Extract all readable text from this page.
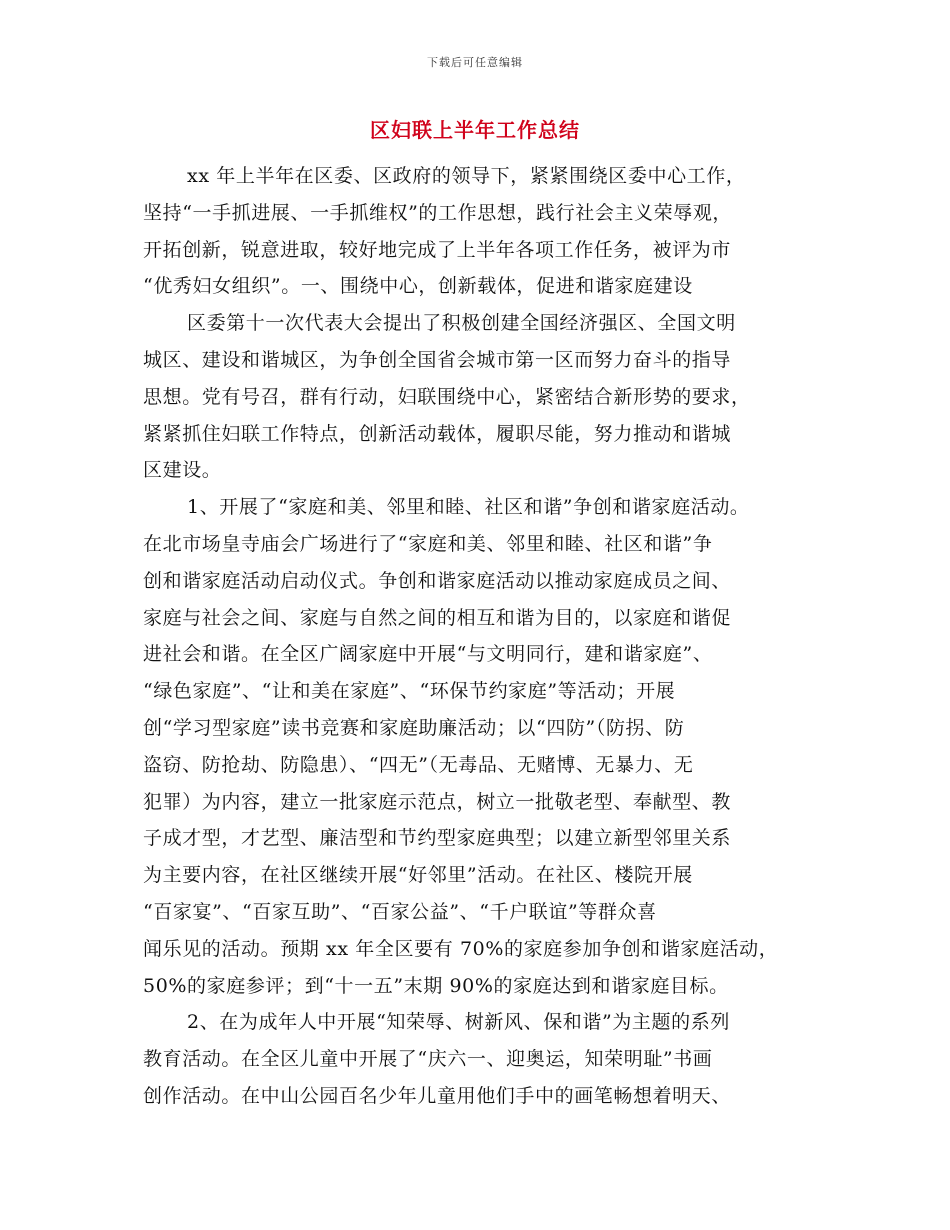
下载后可任意编辑
区妇联上半年工作总结
xx 年上半年在区委、区政府的领导下，紧紧围绕区委中心工作，
坚持“一手抓进展、一手抓维权”的工作思想，践行社会主义荣辱观，
开拓创新，锐意进取，较好地完成了上半年各项工作任务，被评为市
“优秀妇女组织”。一、围绕中心，创新载体，促进和谐家庭建设
区委第十一次代表大会提出了积极创建全国经济强区、全国文明
城区、建设和谐城区，为争创全国省会城市第一区而努力奋斗的指导
思想。党有号召，群有行动，妇联围绕中心，紧密结合新形势的要求，
紧紧抓住妇联工作特点，创新活动载体，履职尽能，努力推动和谐城
区建设。
1、开展了“家庭和美、邻里和睦、社区和谐”争创和谐家庭活动。
在北市场皇寺庙会广场进行了“家庭和美、邻里和睦、社区和谐”争
创和谐家庭活动启动仪式。争创和谐家庭活动以推动家庭成员之间、
家庭与社会之间、家庭与自然之间的相互和谐为目的，以家庭和谐促
进社会和谐。在全区广阔家庭中开展“与文明同行，建和谐家庭”、
“绿色家庭”、“让和美在家庭”、“环保节约家庭”等活动；开展
创“学习型家庭”读书竞赛和家庭助廉活动；以“四防”（防拐、防
盗窃、防抢劫、防隐患）、“四无”（无毒品、无赌博、无暴力、无
犯罪）为内容，建立一批家庭示范点，树立一批敬老型、奉献型、教
子成才型，才艺型、廉洁型和节约型家庭典型；以建立新型邻里关系
为主要内容，在社区继续开展“好邻里”活动。在社区、楼院开展
“百家宴”、“百家互助”、“百家公益”、“千户联谊”等群众喜
闻乐见的活动。预期 xx 年全区要有 70%的家庭参加争创和谐家庭活动，
50%的家庭参评；到“十一五”末期 90%的家庭达到和谐家庭目标。
2、在为成年人中开展“知荣辱、树新风、保和谐”为主题的系列
教育活动。在全区儿童中开展了“庆六一、迎奥运，知荣明耻”书画
创作活动。在中山公园百名少年儿童用他们手中的画笔畅想着明天、
